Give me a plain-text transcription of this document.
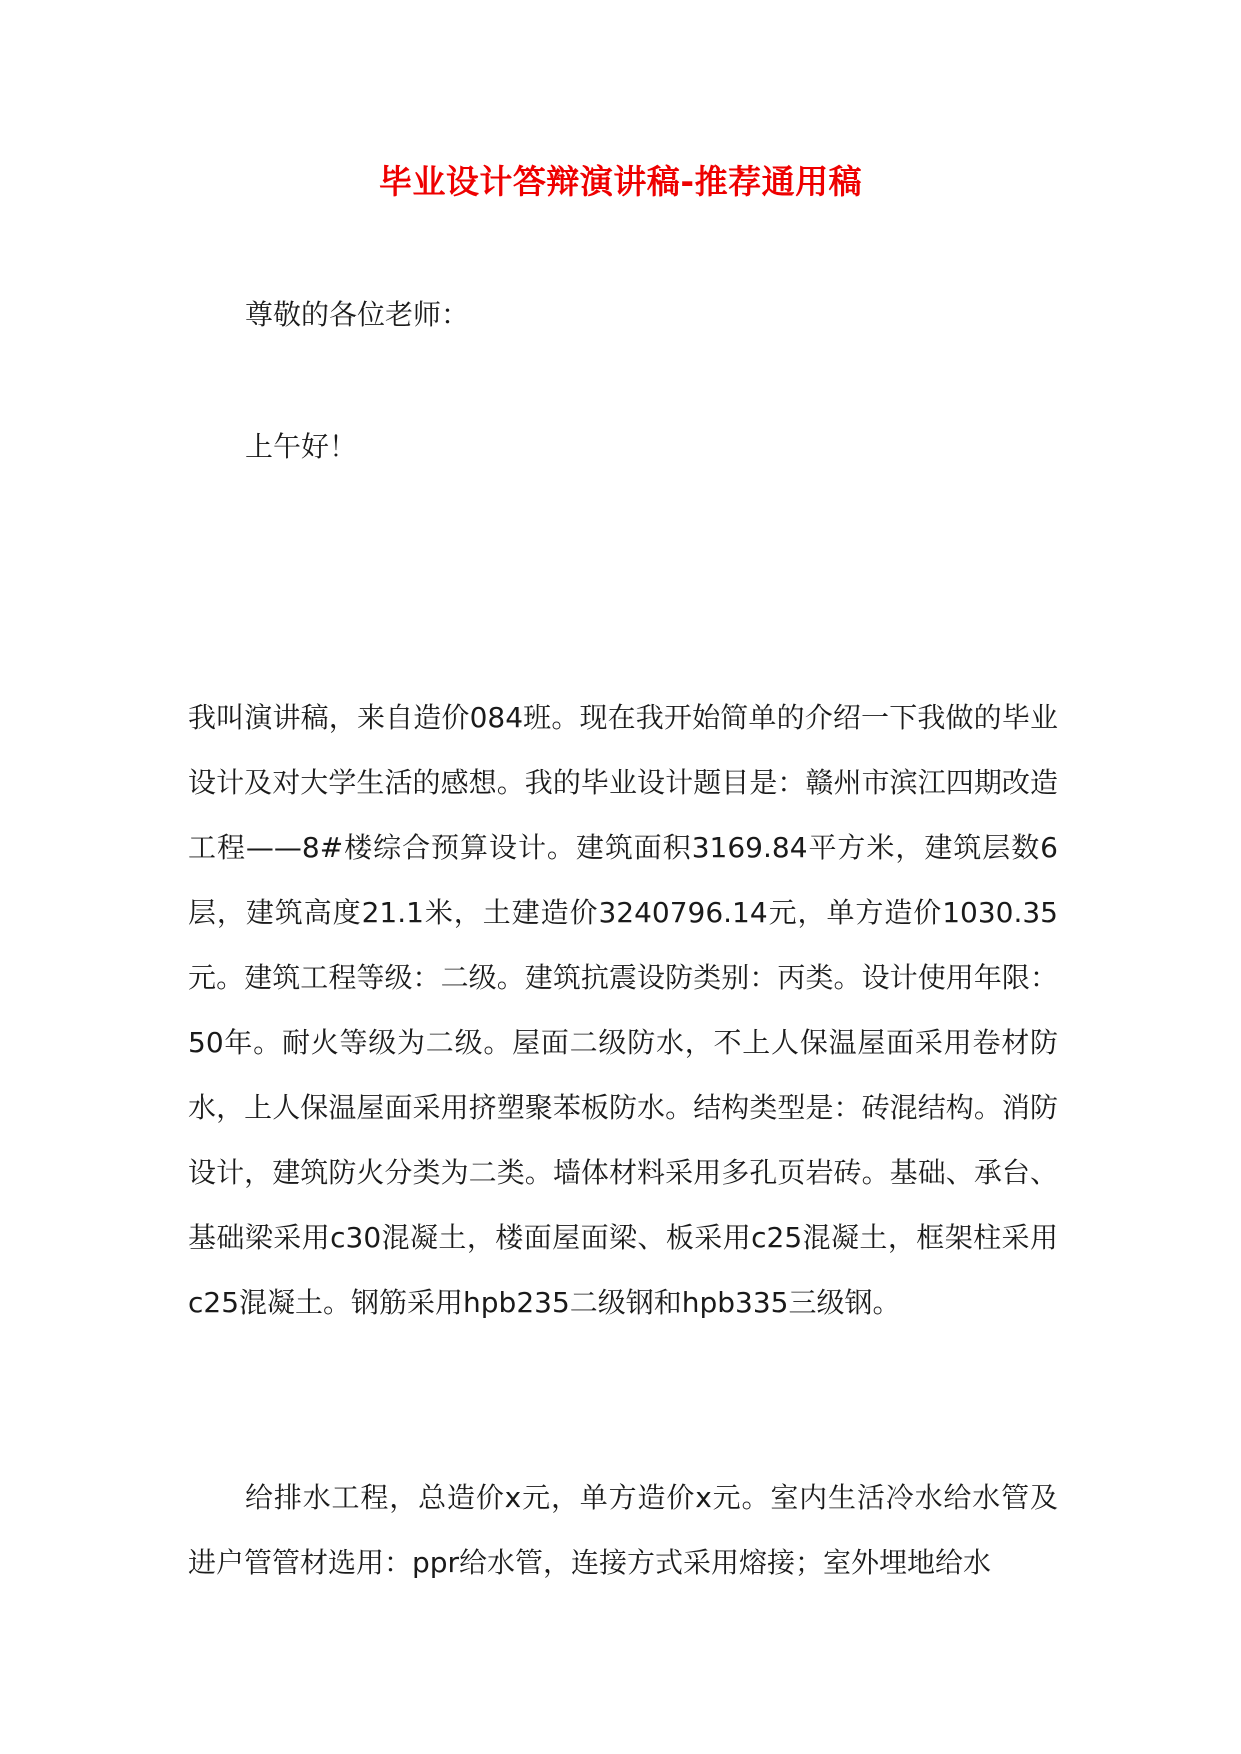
毕业设计答辩演讲稿-推荐通用稿
尊敬的各位老师：
上午好！
我叫演讲稿，来自造价084班。现在我开始简单的介绍一下我做的毕业设计及对大学生活的感想。我的毕业设计题目是：赣州市滨江四期改造工程——8#楼综合预算设计。建筑面积3169.84平方米，建筑层数6层，建筑高度21.1米，土建造价3240796.14元，单方造价1030.35元。建筑工程等级：二级。建筑抗震设防类别：丙类。设计使用年限：50年。耐火等级为二级。屋面二级防水，不上人保温屋面采用卷材防水，上人保温屋面采用挤塑聚苯板防水。结构类型是：砖混结构。消防设计，建筑防火分类为二类。墙体材料采用多孔页岩砖。基础、承台、基础梁采用c30混凝土，楼面屋面梁、板采用c25混凝土，框架柱采用c25混凝土。钢筋采用hpb235二级钢和hpb335三级钢。
给排水工程，总造价x元，单方造价x元。室内生活冷水给水管及进户管管材选用：ppr给水管，连接方式采用熔接；室外埋地给水
